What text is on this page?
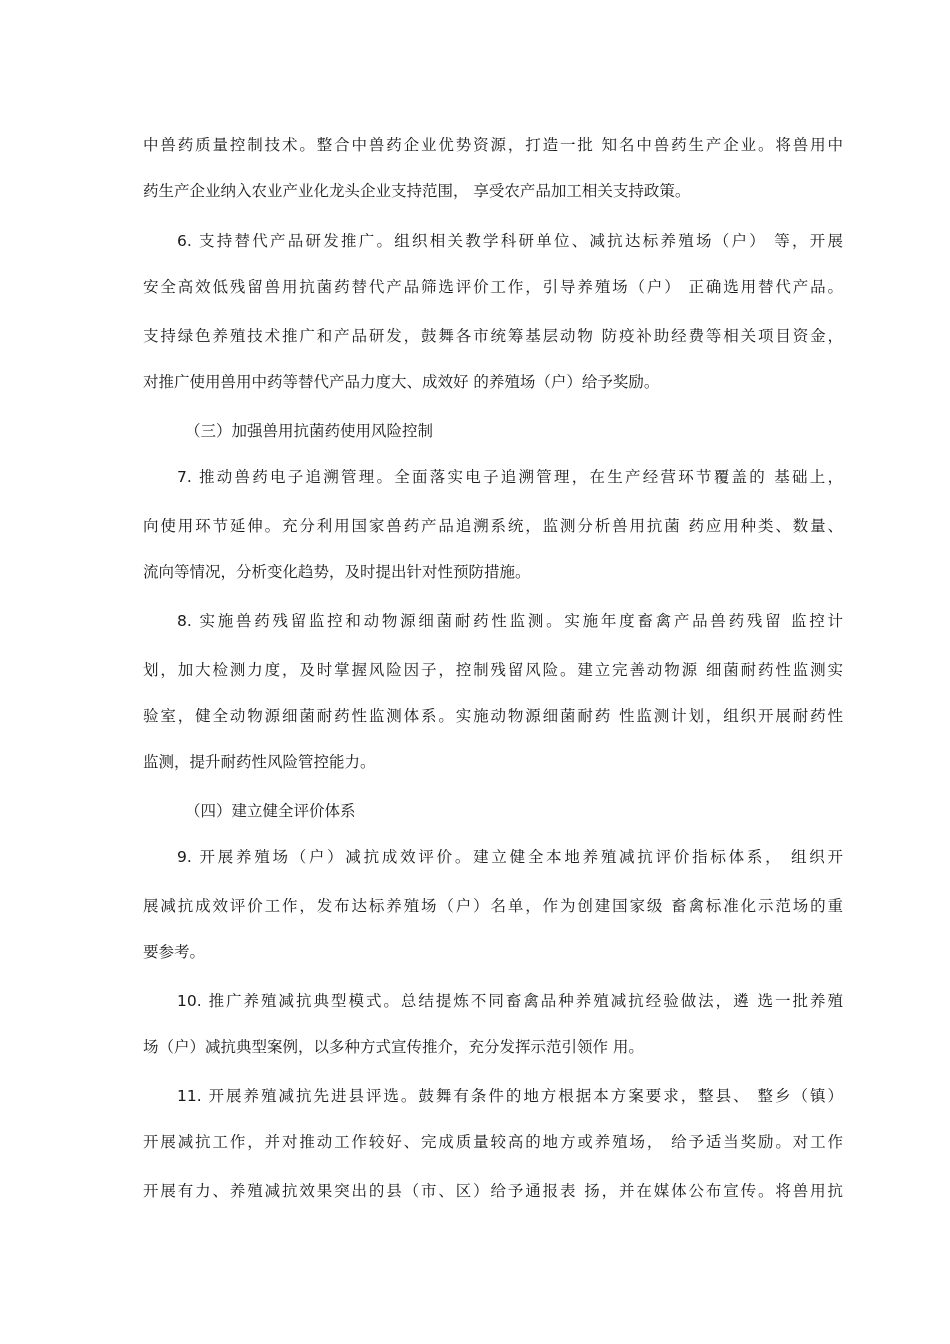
中兽药质量控制技术。整合中兽药企业优势资源，打造一批 知名中兽药生产企业。将兽用中
药生产企业纳入农业产业化龙头企业支持范围， 享受农产品加工相关支持政策。
6. 支持替代产品研发推广。组织相关教学科研单位、减抗达标养殖场（户） 等，开展
安全高效低残留兽用抗菌药替代产品筛选评价工作，引导养殖场（户） 正确选用替代产品。
支持绿色养殖技术推广和产品研发，鼓舞各市统筹基层动物 防疫补助经费等相关项目资金，
对推广使用兽用中药等替代产品力度大、成效好 的养殖场（户）给予奖励。
（三）加强兽用抗菌药使用风险控制
7. 推动兽药电子追溯管理。全面落实电子追溯管理，在生产经营环节覆盖的 基础上，
向使用环节延伸。充分利用国家兽药产品追溯系统，监测分析兽用抗菌 药应用种类、数量、
流向等情况，分析变化趋势，及时提出针对性预防措施。
8. 实施兽药残留监控和动物源细菌耐药性监测。实施年度畜禽产品兽药残留 监控计
划，加大检测力度，及时掌握风险因子，控制残留风险。建立完善动物源 细菌耐药性监测实
验室，健全动物源细菌耐药性监测体系。实施动物源细菌耐药 性监测计划，组织开展耐药性
监测，提升耐药性风险管控能力。
（四）建立健全评价体系
9. 开展养殖场（户）减抗成效评价。建立健全本地养殖减抗评价指标体系， 组织开
展减抗成效评价工作，发布达标养殖场（户）名单，作为创建国家级 畜禽标准化示范场的重
要参考。
10. 推广养殖减抗典型模式。总结提炼不同畜禽品种养殖减抗经验做法，遴 选一批养殖
场（户）减抗典型案例，以多种方式宣传推介，充分发挥示范引领作 用。
11. 开展养殖减抗先进县评选。鼓舞有条件的地方根据本方案要求，整县、 整乡（镇）
开展减抗工作，并对推动工作较好、完成质量较高的地方或养殖场， 给予适当奖励。对工作
开展有力、养殖减抗效果突出的县（市、区）给予通报表 扬，并在媒体公布宣传。将兽用抗
